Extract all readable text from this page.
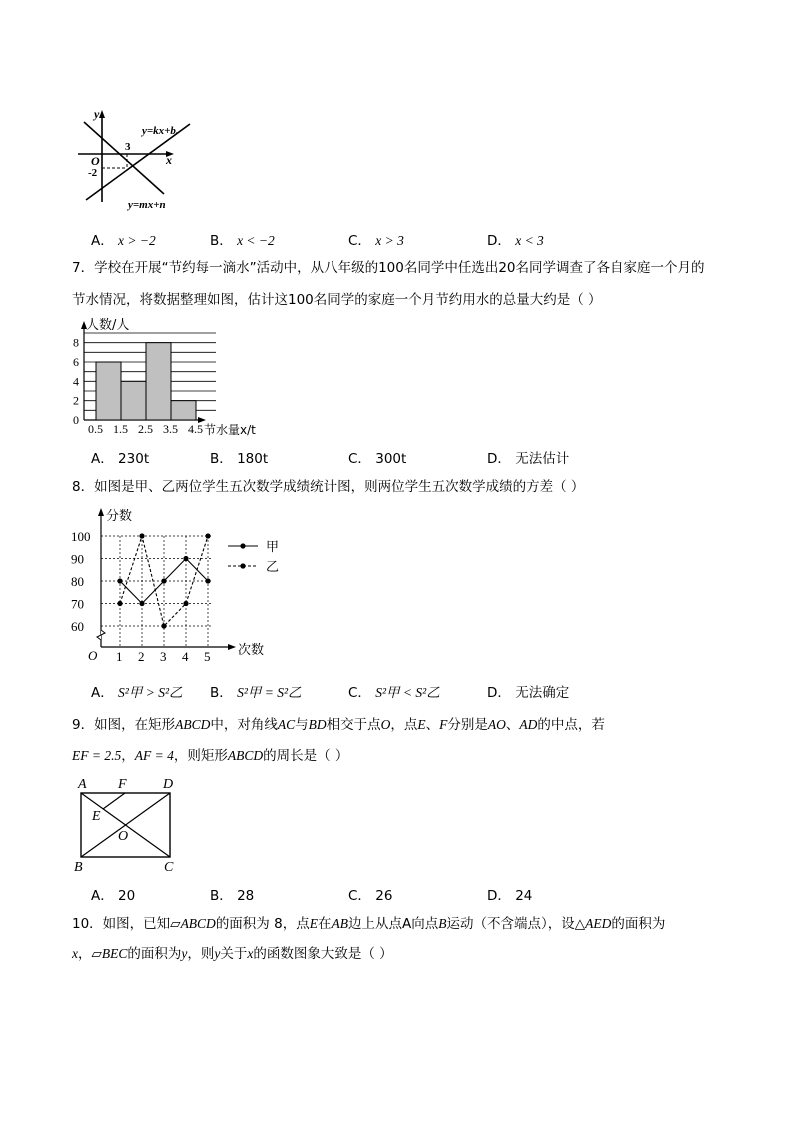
y
x
O
y=kx+b.
y=mx+n
3
-2
A． x > −2	B． x < −2	C． x > 3	D． x < 3
7．学校在开展“节约每一滴水”活动中，从八年级的100名同学中任选出20名同学调查了各自家庭一个月的
节水情况，将数据整理如图，估计这100名同学的家庭一个月节约用水的总量大约是（ ）
人数/人
节水量x/t
0
2
4
6
8
0.5 1.5 2.5 3.5 4.5
A． 230t	B． 180t	C． 300t	D． 无法估计
8．如图是甲、乙两位学生五次数学成绩统计图，则两位学生五次数学成绩的方差（ ）
分数
次数
O
60
70
80
90
100
1 2 3 4 5
甲
乙
A． S²甲 > S²乙 B． S²甲 = S²乙	C． S²甲 < S²乙	D． 无法确定
9．如图，在矩形ABCD中，对角线AC与BD相交于点O，点E、F分别是AO、AD的中点，若
EF = 2.5，AF = 4，则矩形ABCD的周长是（ ）
A F	D
E
O
B	C
A． 20	B． 28	C． 26	D． 24
10．如图，已知▱ABCD的面积为 8，点E在AB边上从点A向点B运动（不含端点），设△AED的面积为
x，▱BEC的面积为y，则y关于x的函数图象大致是（ ）
